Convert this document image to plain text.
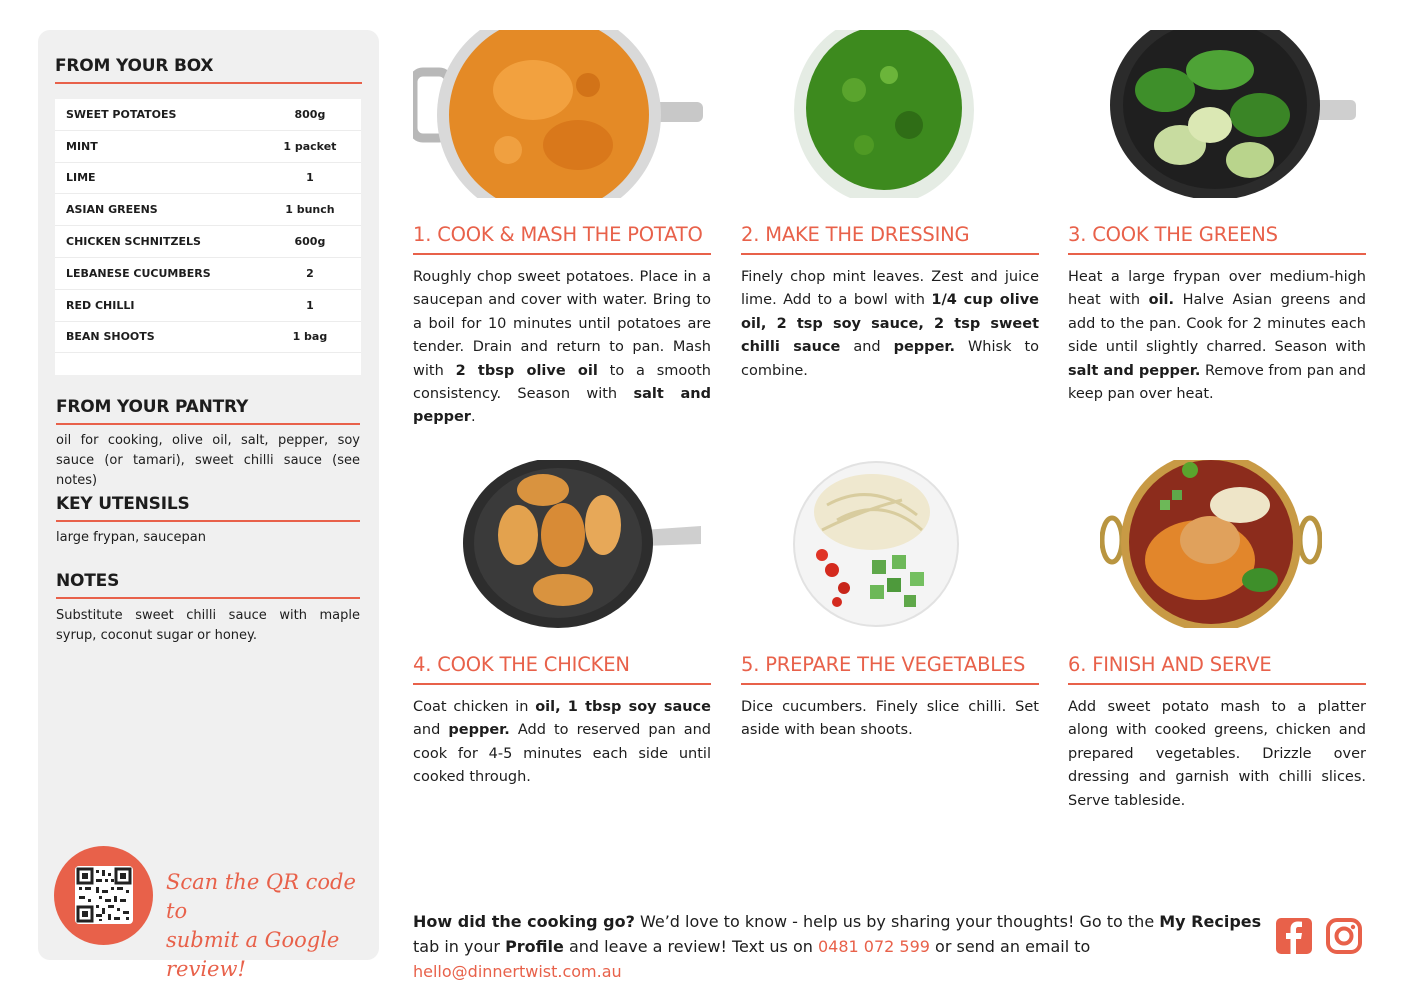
FROM YOUR BOX
SWEET POTATOES	800g
MINT	1 packet
LIME	1
ASIAN GREENS	1 bunch
CHICKEN SCHNITZELS	600g
LEBANESE CUCUMBERS	2
RED CHILLI	1
BEAN SHOOTS	1 bag
FROM YOUR PANTRY
oil for cooking, olive oil, salt, pepper, soy sauce (or tamari), sweet chilli sauce (see notes)
KEY UTENSILS
large frypan, saucepan
NOTES
Substitute sweet chilli sauce with maple syrup, coconut sugar or honey.
Scan the QR code to
submit a Google review!
1. COOK & MASH THE POTATO
Roughly chop sweet potatoes. Place in a saucepan and cover with water. Bring to a boil for 10 minutes until potatoes are tender. Drain and return to pan. Mash with 2 tbsp olive oil to a smooth consistency. Season with salt and pepper.
2. MAKE THE DRESSING
Finely chop mint leaves. Zest and juice lime. Add to a bowl with 1/4 cup olive oil, 2 tsp soy sauce, 2 tsp sweet chilli sauce and pepper. Whisk to combine.
3. COOK THE GREENS
Heat a large frypan over medium-high heat with oil. Halve Asian greens and add to the pan. Cook for 2 minutes each side until slightly charred. Season with salt and pepper. Remove from pan and keep pan over heat.
4. COOK THE CHICKEN
Coat chicken in oil, 1 tbsp soy sauce and pepper. Add to reserved pan and cook for 4-5 minutes each side until cooked through.
5. PREPARE THE VEGETABLES
Dice cucumbers. Finely slice chilli. Set aside with bean shoots.
6. FINISH AND SERVE
Add sweet potato mash to a platter along with cooked greens, chicken and prepared vegetables. Drizzle over dressing and garnish with chilli slices. Serve tableside.
How did the cooking go? We’d love to know - help us by sharing your thoughts! Go to the My Recipes tab in your Profile and leave a review! Text us on 0481 072 599 or send an email to hello@dinnertwist.com.au
